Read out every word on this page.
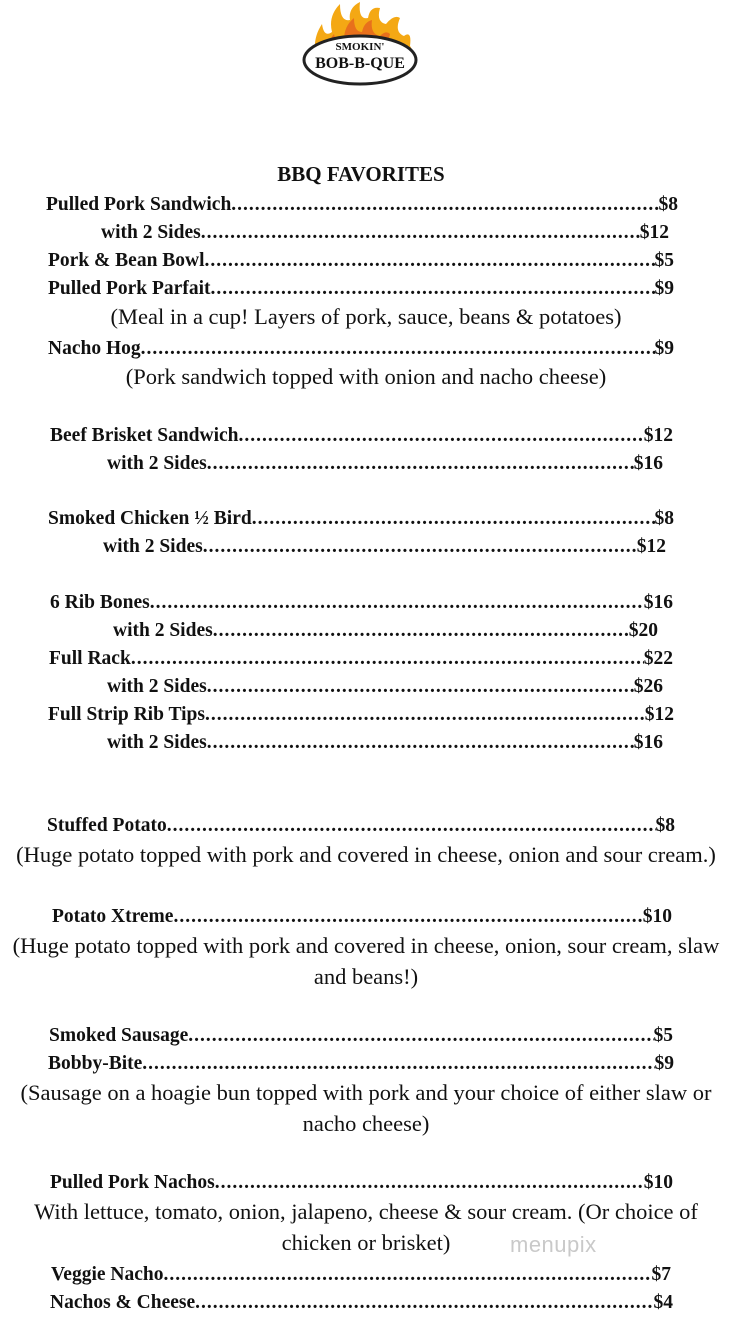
SMOKIN'
BOB-B-QUE
BBQ FAVORITES
Pulled Pork Sandwich .....	$8
with 2 Sides .....	$12
Pork & Bean Bowl .....	$5
Pulled Pork Parfait .....	$9
(Meal in a cup! Layers of pork, sauce, beans & potatoes)
Nacho Hog .....	$9
(Pork sandwich topped with onion and nacho cheese)
Beef Brisket Sandwich .....	$12
with 2 Sides .....	$16
Smoked Chicken ½ Bird .....	$8
with 2 Sides .....	$12
6 Rib Bones .....	$16
with 2 Sides .....	$20
Full Rack .....	$22
with 2 Sides .....	$26
Full Strip Rib Tips .....	$12
with 2 Sides .....	$16
Stuffed Potato .....	$8
(Huge potato topped with pork and covered in cheese, onion and sour cream.)
Potato Xtreme .....	$10
(Huge potato topped with pork and covered in cheese, onion, sour cream, slaw and beans!)
Smoked Sausage .....	$5
Bobby-Bite .....	$9
(Sausage on a hoagie bun topped with pork and your choice of either slaw or nacho cheese)
Pulled Pork Nachos .....	$10
With lettuce, tomato, onion, jalapeno, cheese & sour cream. (Or choice of chicken or brisket)
Veggie Nacho .....	$7
Nachos & Cheese .....	$4
menupix
